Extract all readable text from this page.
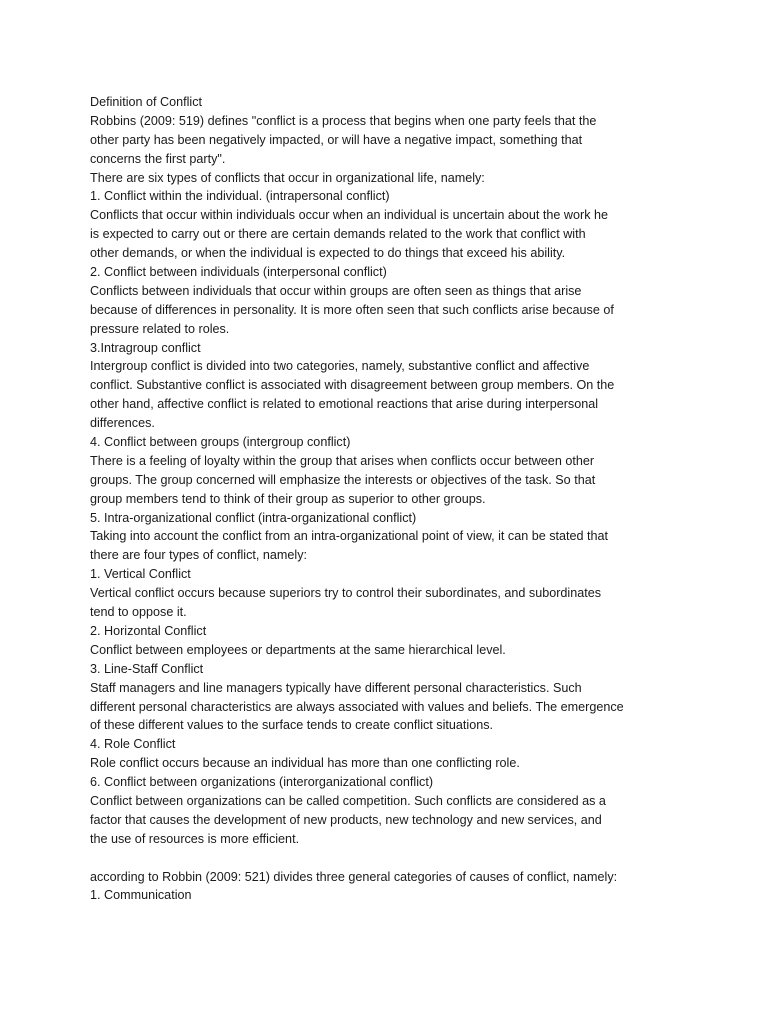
Definition of Conflict
Robbins (2009: 519) defines "conflict is a process that begins when one party feels that the
other party has been negatively impacted, or will have a negative impact, something that
concerns the first party".
There are six types of conflicts that occur in organizational life, namely:
1. Conflict within the individual. (intrapersonal conflict)
Conflicts that occur within individuals occur when an individual is uncertain about the work he
is expected to carry out or there are certain demands related to the work that conflict with
other demands, or when the individual is expected to do things that exceed his ability.
2. Conflict between individuals (interpersonal conflict)
Conflicts between individuals that occur within groups are often seen as things that arise
because of differences in personality. It is more often seen that such conflicts arise because of
pressure related to roles.
3.Intragroup conflict
Intergroup conflict is divided into two categories, namely, substantive conflict and affective
conflict. Substantive conflict is associated with disagreement between group members. On the
other hand, affective conflict is related to emotional reactions that arise during interpersonal
differences.
4. Conflict between groups (intergroup conflict)
There is a feeling of loyalty within the group that arises when conflicts occur between other
groups. The group concerned will emphasize the interests or objectives of the task. So that
group members tend to think of their group as superior to other groups.
5. Intra-organizational conflict (intra-organizational conflict)
Taking into account the conflict from an intra-organizational point of view, it can be stated that
there are four types of conflict, namely:
1. Vertical Conflict
Vertical conflict occurs because superiors try to control their subordinates, and subordinates
tend to oppose it.
2. Horizontal Conflict
Conflict between employees or departments at the same hierarchical level.
3. Line-Staff Conflict
Staff managers and line managers typically have different personal characteristics. Such
different personal characteristics are always associated with values and beliefs. The emergence
of these different values to the surface tends to create conflict situations.
4. Role Conflict
Role conflict occurs because an individual has more than one conflicting role.
6. Conflict between organizations (interorganizational conflict)
Conflict between organizations can be called competition. Such conflicts are considered as a
factor that causes the development of new products, new technology and new services, and
the use of resources is more efficient.
according to Robbin (2009: 521) divides three general categories of causes of conflict, namely:
1. Communication
